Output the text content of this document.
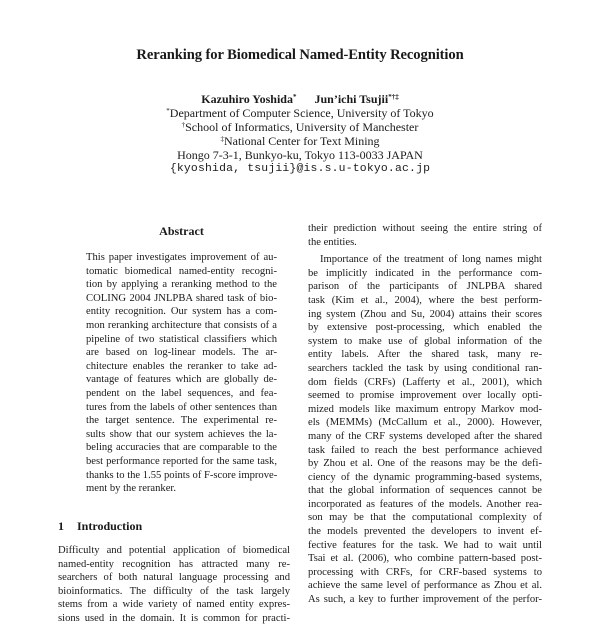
Reranking for Biomedical Named-Entity Recognition
Kazuhiro Yoshida* Jun’ichi Tsujii*†‡
*Department of Computer Science, University of Tokyo
†School of Informatics, University of Manchester
‡National Center for Text Mining
Hongo 7-3-1, Bunkyo-ku, Tokyo 113-0033 JAPAN
{kyoshida, tsujii}@is.s.u-tokyo.ac.jp
Abstract
This paper investigates improvement of au-
tomatic biomedical named-entity recogni-
tion by applying a reranking method to the
COLING 2004 JNLPBA shared task of bio-
entity recognition. Our system has a com-
mon reranking architecture that consists of a
pipeline of two statistical classifiers which
are based on log-linear models. The ar-
chitecture enables the reranker to take ad-
vantage of features which are globally de-
pendent on the label sequences, and fea-
tures from the labels of other sentences than
the target sentence. The experimental re-
sults show that our system achieves the la-
beling accuracies that are comparable to the
best performance reported for the same task,
thanks to the 1.55 points of F-score improve-
ment by the reranker.
1 Introduction
Difficulty and potential application of biomedical
named-entity recognition has attracted many re-
searchers of both natural language processing and
bioinformatics. The difficulty of the task largely
stems from a wide variety of named entity expres-
sions used in the domain. It is common for practi-
their prediction without seeing the entire string of
the entities.
Importance of the treatment of long names might
be implicitly indicated in the performance com-
parison of the participants of JNLPBA shared
task (Kim et al., 2004), where the best perform-
ing system (Zhou and Su, 2004) attains their scores
by extensive post-processing, which enabled the
system to make use of global information of the
entity labels. After the shared task, many re-
searchers tackled the task by using conditional ran-
dom fields (CRFs) (Lafferty et al., 2001), which
seemed to promise improvement over locally opti-
mized models like maximum entropy Markov mod-
els (MEMMs) (McCallum et al., 2000). However,
many of the CRF systems developed after the shared
task failed to reach the best performance achieved
by Zhou et al. One of the reasons may be the defi-
ciency of the dynamic programming-based systems,
that the global information of sequences cannot be
incorporated as features of the models. Another rea-
son may be that the computational complexity of
the models prevented the developers to invent ef-
fective features for the task. We had to wait until
Tsai et al. (2006), who combine pattern-based post-
processing with CRFs, for CRF-based systems to
achieve the same level of performance as Zhou et al.
As such, a key to further improvement of the perfor-
